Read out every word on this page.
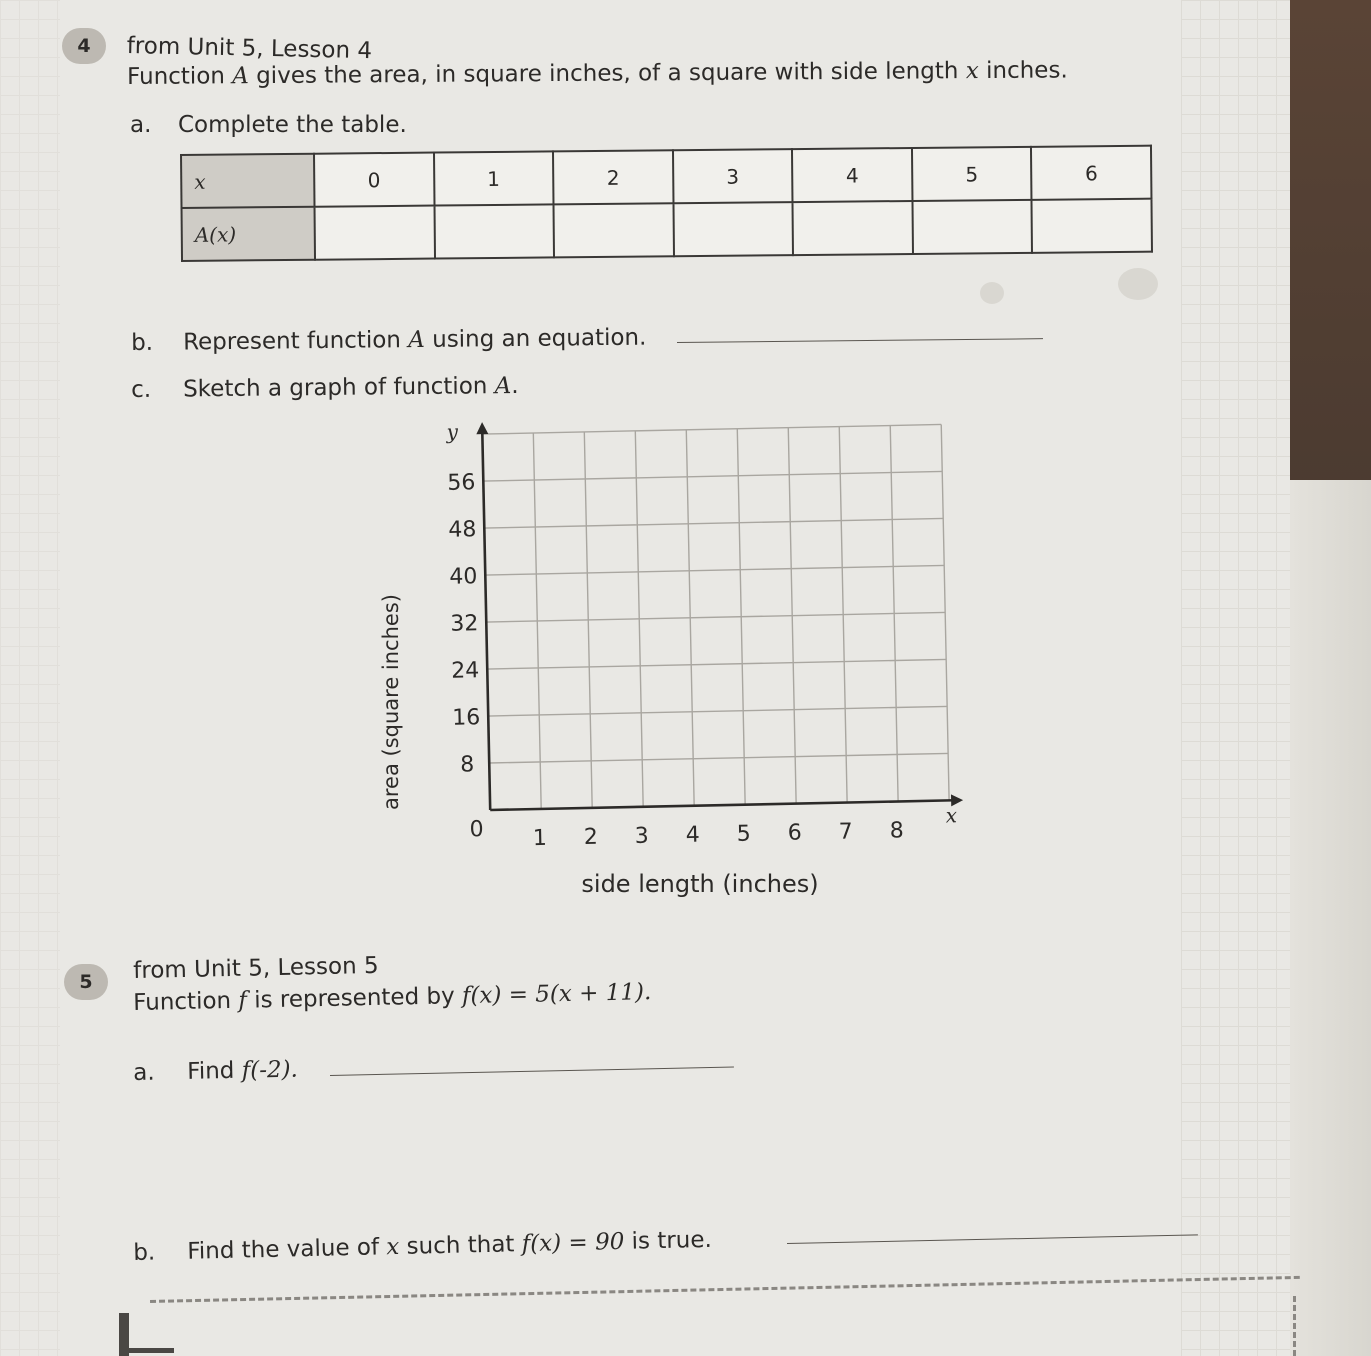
4 from Unit 5, Lesson 4
Function A gives the area, in square inches, of a square with side length x inches.
a. Complete the table.
x	0	1	2	3	4	5	6
A(x)							
b. Represent function A using an equation.
c. Sketch a graph of function A.
1 2 3 4 5 6 7 8
8
16
24
32
40
48
56
0
x
y
area (square inches)
side length (inches)
5 from Unit 5, Lesson 5
Function f is represented by f(x) = 5(x + 11).
a. Find f(-2).
b. Find the value of x such that f(x) = 90 is true.
